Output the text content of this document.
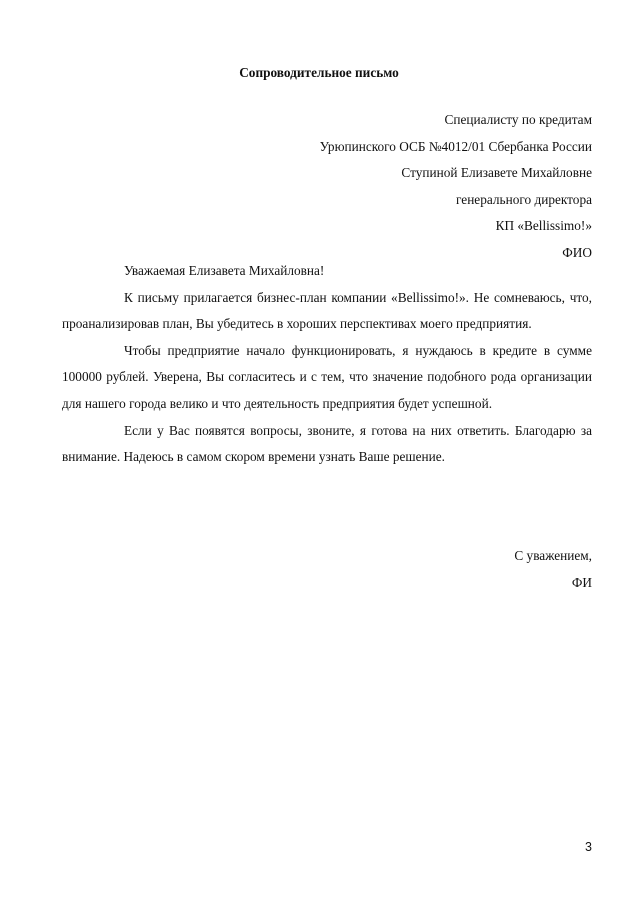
Сопроводительное письмо
Специалисту по кредитам
Урюпинского ОСБ №4012/01 Сбербанка России
Ступиной Елизавете Михайловне
генерального директора
КП «Bellissimo!»
ФИО

Уважаемая Елизавета Михайловна!

К письму прилагается бизнес-план компании «Bellissimo!». Не сомневаюсь, что, проанализировав план, Вы убедитесь в хороших перспективах моего предприятия.

Чтобы предприятие начало функционировать, я нуждаюсь в кредите в сумме 100000 рублей. Уверена, Вы согласитесь и с тем, что значение подобного рода организации для нашего города велико и что деятельность предприятия будет успешной.

Если у Вас появятся вопросы, звоните, я готова на них ответить. Благодарю за внимание. Надеюсь в самом скором времени узнать Ваше решение.

С уважением,
ФИ
3
